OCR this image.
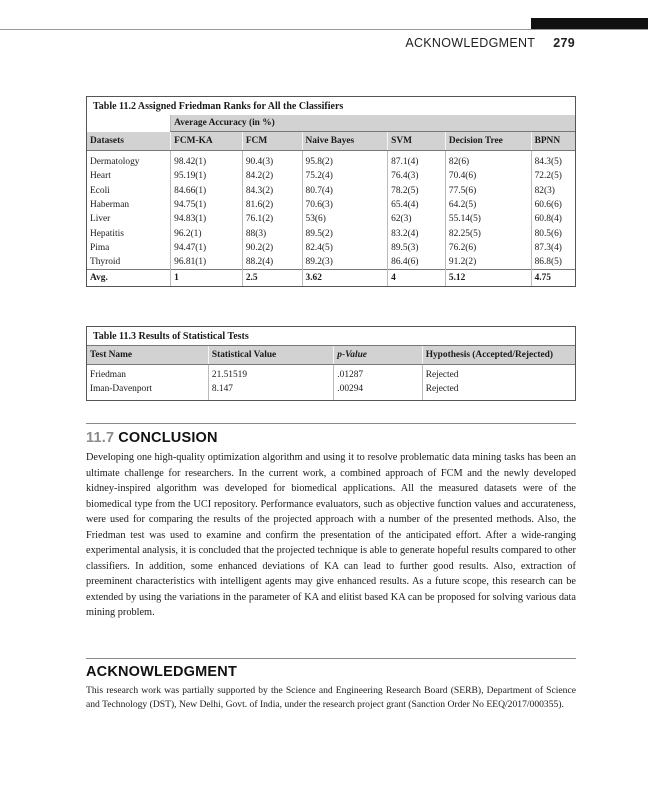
ACKNOWLEDGMENT 279
Table 11.2 Assigned Friedman Ranks for All the Classifiers
	Average Accuracy (in %)					
Datasets	FCM-KA	FCM	Naive Bayes	SVM	Decision Tree	BPNN
Dermatology	98.42(1)	90.4(3)	95.8(2)	87.1(4)	82(6)	84.3(5)
Heart	95.19(1)	84.2(2)	75.2(4)	76.4(3)	70.4(6)	72.2(5)
Ecoli	84.66(1)	84.3(2)	80.7(4)	78.2(5)	77.5(6)	82(3)
Haberman	94.75(1)	81.6(2)	70.6(3)	65.4(4)	64.2(5)	60.6(6)
Liver	94.83(1)	76.1(2)	53(6)	62(3)	55.14(5)	60.8(4)
Hepatitis	96.2(1)	88(3)	89.5(2)	83.2(4)	82.25(5)	80.5(6)
Pima	94.47(1)	90.2(2)	82.4(5)	89.5(3)	76.2(6)	87.3(4)
Thyroid	96.81(1)	88.2(4)	89.2(3)	86.4(6)	91.2(2)	86.8(5)
Avg.	1	2.5	3.62	4	5.12	4.75
Table 11.3 Results of Statistical Tests
Test Name	Statistical Value	p-Value	Hypothesis (Accepted/Rejected)
Friedman	21.51519	.01287	Rejected
Iman-Davenport	8.147	.00294	Rejected
11.7 CONCLUSION

Developing one high-quality optimization algorithm and using it to resolve problematic data mining tasks has been an ultimate challenge for researchers. In the current work, a combined approach of FCM and the newly developed kidney-inspired algorithm was developed for biomedical applications. All the measured datasets were of the biomedical type from the UCI repository. Performance evaluators, such as objective function values and accurateness, were used for comparing the results of the projected approach with a number of the presented methods. Also, the Friedman test was used to examine and confirm the presentation of the anticipated effort. After a wide-ranging experimental analysis, it is concluded that the projected technique is able to generate hopeful results compared to other classifiers. In addition, some enhanced deviations of KA can lead to further good results. Also, extraction of preeminent characteristics with intelligent agents may give enhanced results. As a future scope, this research can be extended by using the variations in the parameter of KA and elitist based KA can be proposed for solving various data mining problem.

ACKNOWLEDGMENT

This research work was partially supported by the Science and Engineering Research Board (SERB), Department of Science and Technology (DST), New Delhi, Govt. of India, under the research project grant (Sanction Order No EEQ/2017/000355).
